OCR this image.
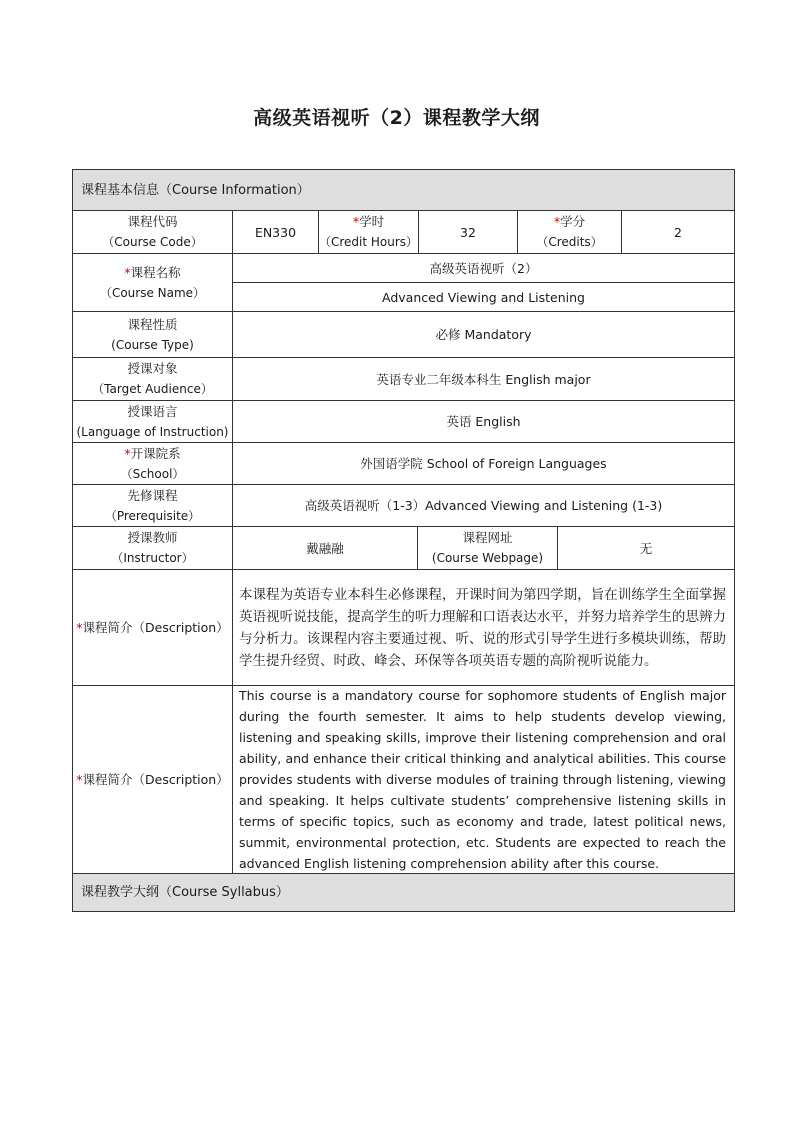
高级英语视听（2）课程教学大纲
课程基本信息（Course Information）
课程代码
（Course Code）
EN330
*学时
（Credit Hours）
32
*学分
（Credits）
2
*课程名称
（Course Name）
高级英语视听（2）
Advanced Viewing and Listening
课程性质
(Course Type)
必修 Mandatory
授课对象
（Target Audience）
英语专业二年级本科生 English major
授课语言
(Language of Instruction)
英语 English
*开课院系
（School）
外国语学院 School of Foreign Languages
先修课程
（Prerequisite）
高级英语视听（1-3）Advanced Viewing and Listening (1-3)
授课教师
（Instructor）
戴融融
课程网址
(Course Webpage)
无
*课程简介（Description）
本课程为英语专业本科生必修课程，开课时间为第四学期，旨在训练学生全面掌握英语视听说技能，提高学生的听力理解和口语表达水平，并努力培养学生的思辨力与分析力。该课程内容主要通过视、听、说的形式引导学生进行多模块训练，帮助学生提升经贸、时政、峰会、环保等各项英语专题的高阶视听说能力。
*课程简介（Description）
This course is a mandatory course for sophomore students of English major during the fourth semester. It aims to help students develop viewing, listening and speaking skills, improve their listening comprehension and oral ability, and enhance their critical thinking and analytical abilities. This course provides students with diverse modules of training through listening, viewing and speaking. It helps cultivate students’ comprehensive listening skills in terms of specific topics, such as economy and trade, latest political news, summit, environmental protection, etc. Students are expected to reach the advanced English listening comprehension ability after this course.
课程教学大纲（Course Syllabus）
